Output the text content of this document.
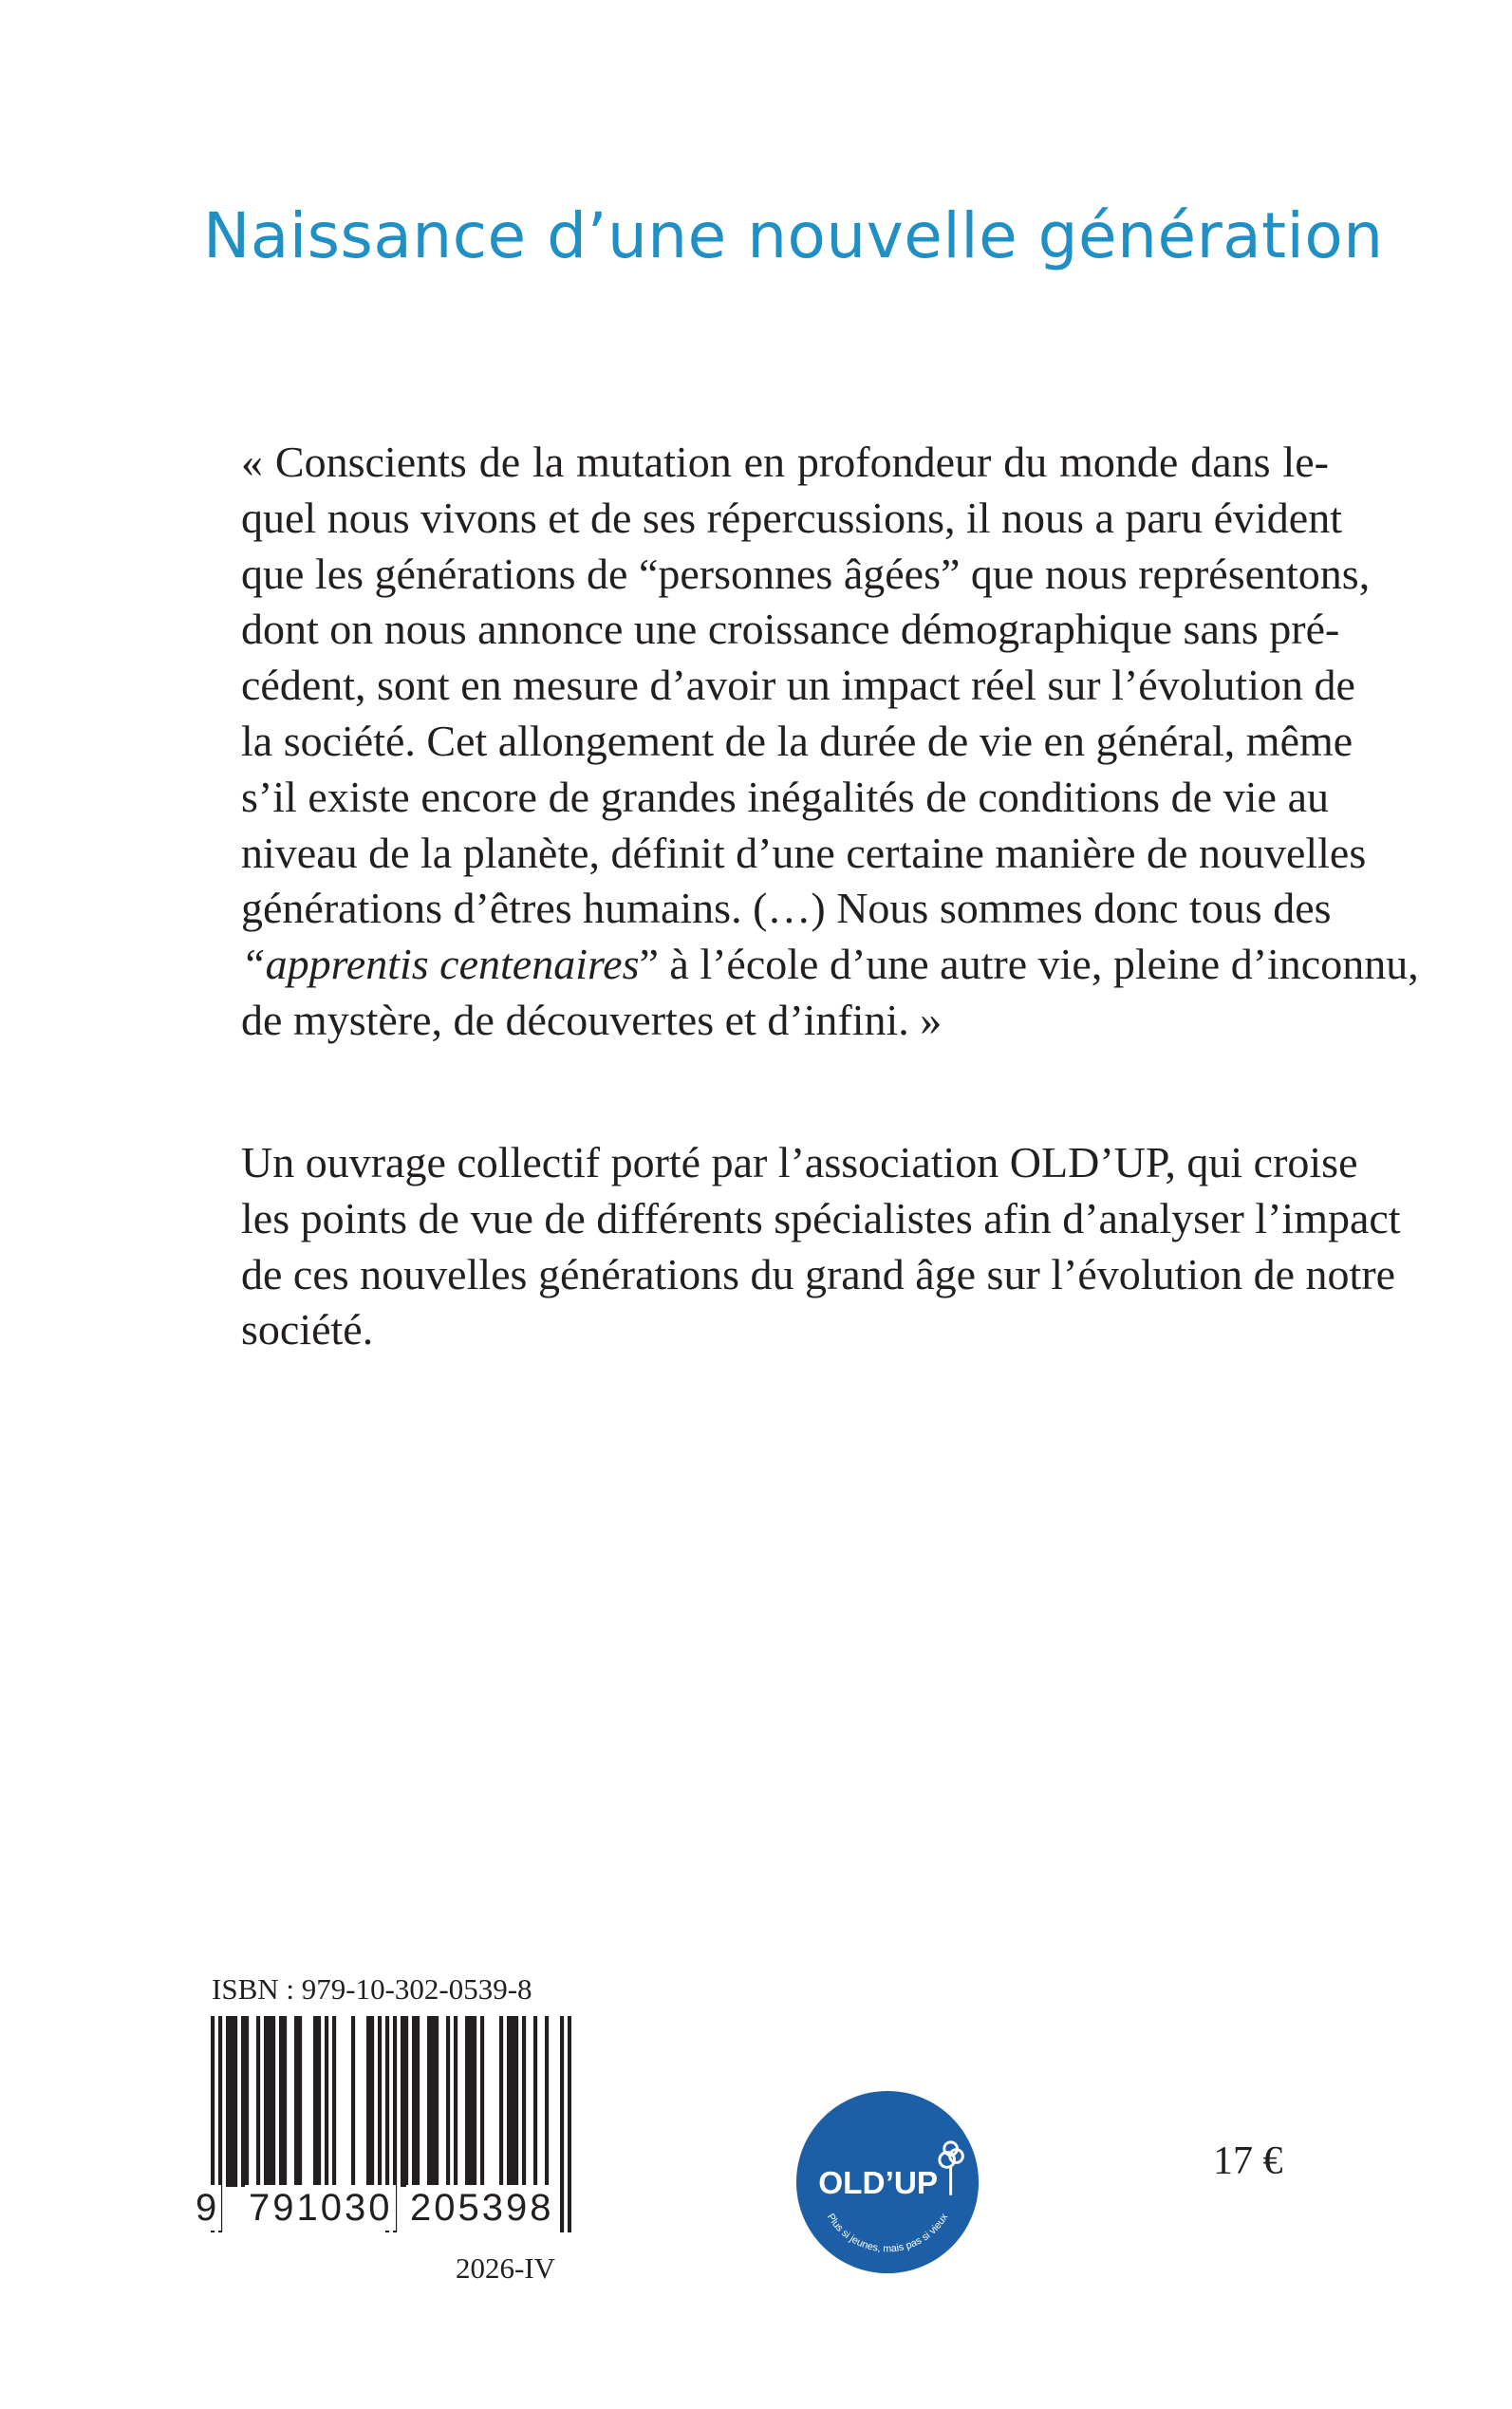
Naissance d’une nouvelle génération
« Conscients de la mutation en profondeur du monde dans le-
quel nous vivons et de ses répercussions, il nous a paru évident
que les générations de “personnes âgées” que nous représentons,
dont on nous annonce une croissance démographique sans pré-
cédent, sont en mesure d’avoir un impact réel sur l’évolution de
la société. Cet allongement de la durée de vie en général, même
s’il existe encore de grandes inégalités de conditions de vie au
niveau de la planète, définit d’une certaine manière de nouvelles
générations d’êtres humains. (…) Nous sommes donc tous des
“apprentis centenaires” à l’école d’une autre vie, pleine d’inconnu,
de mystère, de découvertes et d’infini. »
Un ouvrage collectif porté par l’association OLD’UP, qui croise
les points de vue de différents spécialistes afin d’analyser l’impact
de ces nouvelles générations du grand âge sur l’évolution de notre
société.
ISBN : 979-10-302-0539-8
9 791030 205398
2026-IV
OLD’UP
Plus si jeunes, mais pas si vieux
17 €
